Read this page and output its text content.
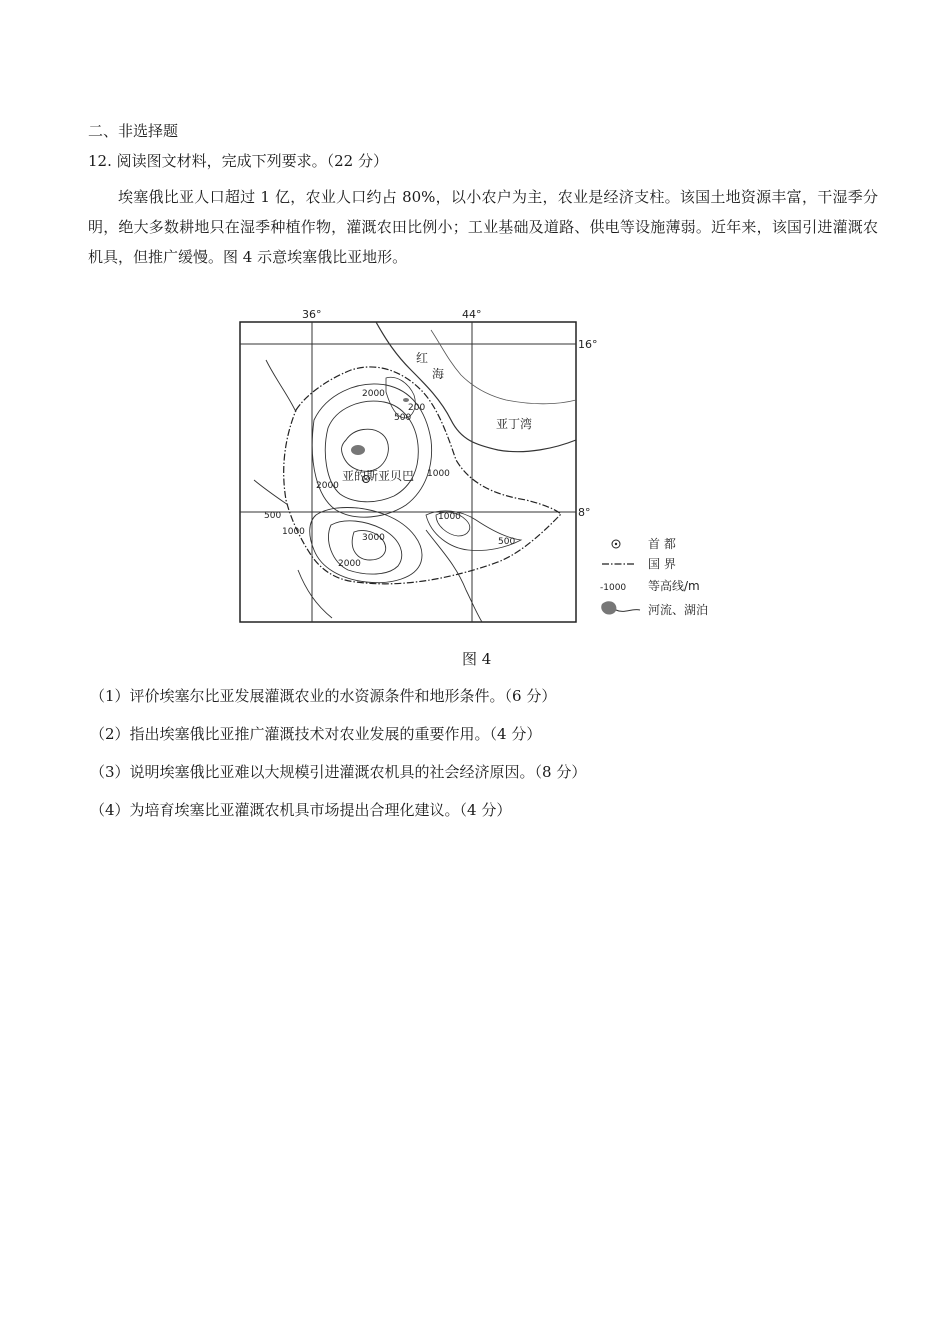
二、非选择题
12. 阅读图文材料，完成下列要求。（22 分）
埃塞俄比亚人口超过 1 亿，农业人口约占 80%，以小农户为主，农业是经济支柱。该国土地资源丰富，干湿季分明，绝大多数耕地只在湿季种植作物，灌溉农田比例小；工业基础及道路、供电等设施薄弱。近年来，该国引进灌溉农机具，但推广缓慢。图 4 示意埃塞俄比亚地形。
36°	44°
16°
8°
红
海
亚丁湾
亚的斯亚贝巴
2000
500
200
1000
2000
500
1000
3000
2000
1000
500	首 都
国 界
-1000 等高线/m
河流、湖泊
图 4
（1）评价埃塞尔比亚发展灌溉农业的水资源条件和地形条件。（6 分）
（2）指出埃塞俄比亚推广灌溉技术对农业发展的重要作用。（4 分）
（3）说明埃塞俄比亚难以大规模引进灌溉农机具的社会经济原因。（8 分）
（4）为培育埃塞比亚灌溉农机具市场提出合理化建议。（4 分）
